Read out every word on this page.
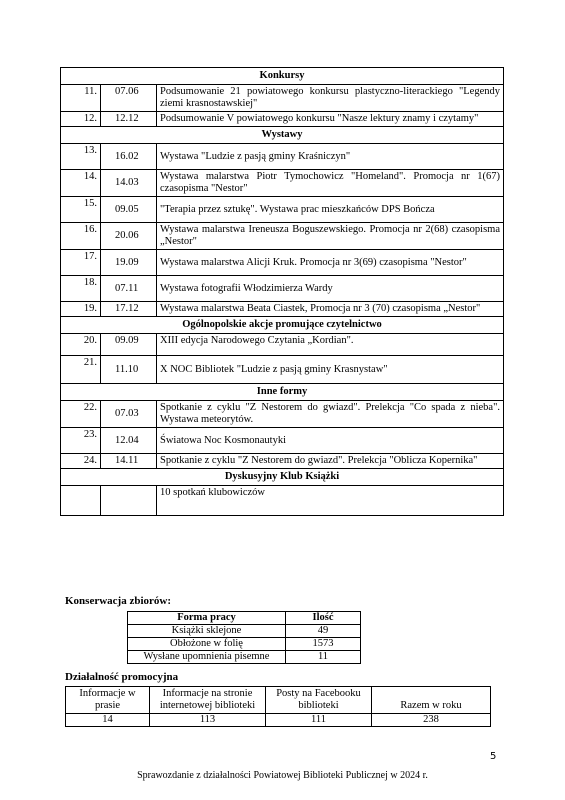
Konkursy		
11.	07.06	Podsumowanie 21 powiatowego konkursu plastyczno-literackiego "Legendy ziemi krasnostawskiej"
12.	12.12	Podsumowanie V powiatowego konkursu "Nasze lektury znamy i czytamy"
Wystawy		
13.	16.02	Wystawa "Ludzie z pasją gminy Kraśniczyn"
14.	14.03	Wystawa malarstwa Piotr Tymochowicz "Homeland". Promocja nr 1(67) czasopisma "Nestor"
15.	09.05	"Terapia przez sztukę". Wystawa prac mieszkańców DPS Bończa
16.	20.06	Wystawa malarstwa Ireneusza Boguszewskiego. Promocja nr 2(68) czasopisma „Nestor"
17.	19.09	Wystawa malarstwa Alicji Kruk. Promocja nr 3(69) czasopisma "Nestor"
18.	07.11	Wystawa fotografii Włodzimierza Wardy
19.	17.12	Wystawa malarstwa Beata Ciastek, Promocja nr 3 (70) czasopisma „Nestor"
Ogólnopolskie akcje promujące czytelnictwo		
20.	09.09	XIII edycja Narodowego Czytania „Kordian".
21.	11.10	X NOC Bibliotek "Ludzie z pasją gminy Krasnystaw"
Inne formy		
22.	07.03	Spotkanie z cyklu "Z Nestorem do gwiazd". Prelekcja "Co spada z nieba". Wystawa meteorytów.
23.	12.04	Światowa Noc Kosmonautyki
24.	14.11	Spotkanie z cyklu "Z Nestorem do gwiazd". Prelekcja "Oblicza Kopernika"
Dyskusyjny Klub Książki		
		10 spotkań klubowiczów
Konserwacja zbiorów:
Forma pracy	Ilość
Książki sklejone	49
Obłożone w folię	1573
Wysłane upomnienia pisemne	11
Działalność promocyjna
Informacje w prasie	Informacje na stronie internetowej biblioteki	Posty na Facebooku biblioteki	Razem w roku
14	113	111	238
5
Sprawozdanie z działalności Powiatowej Biblioteki Publicznej w 2024 r.
